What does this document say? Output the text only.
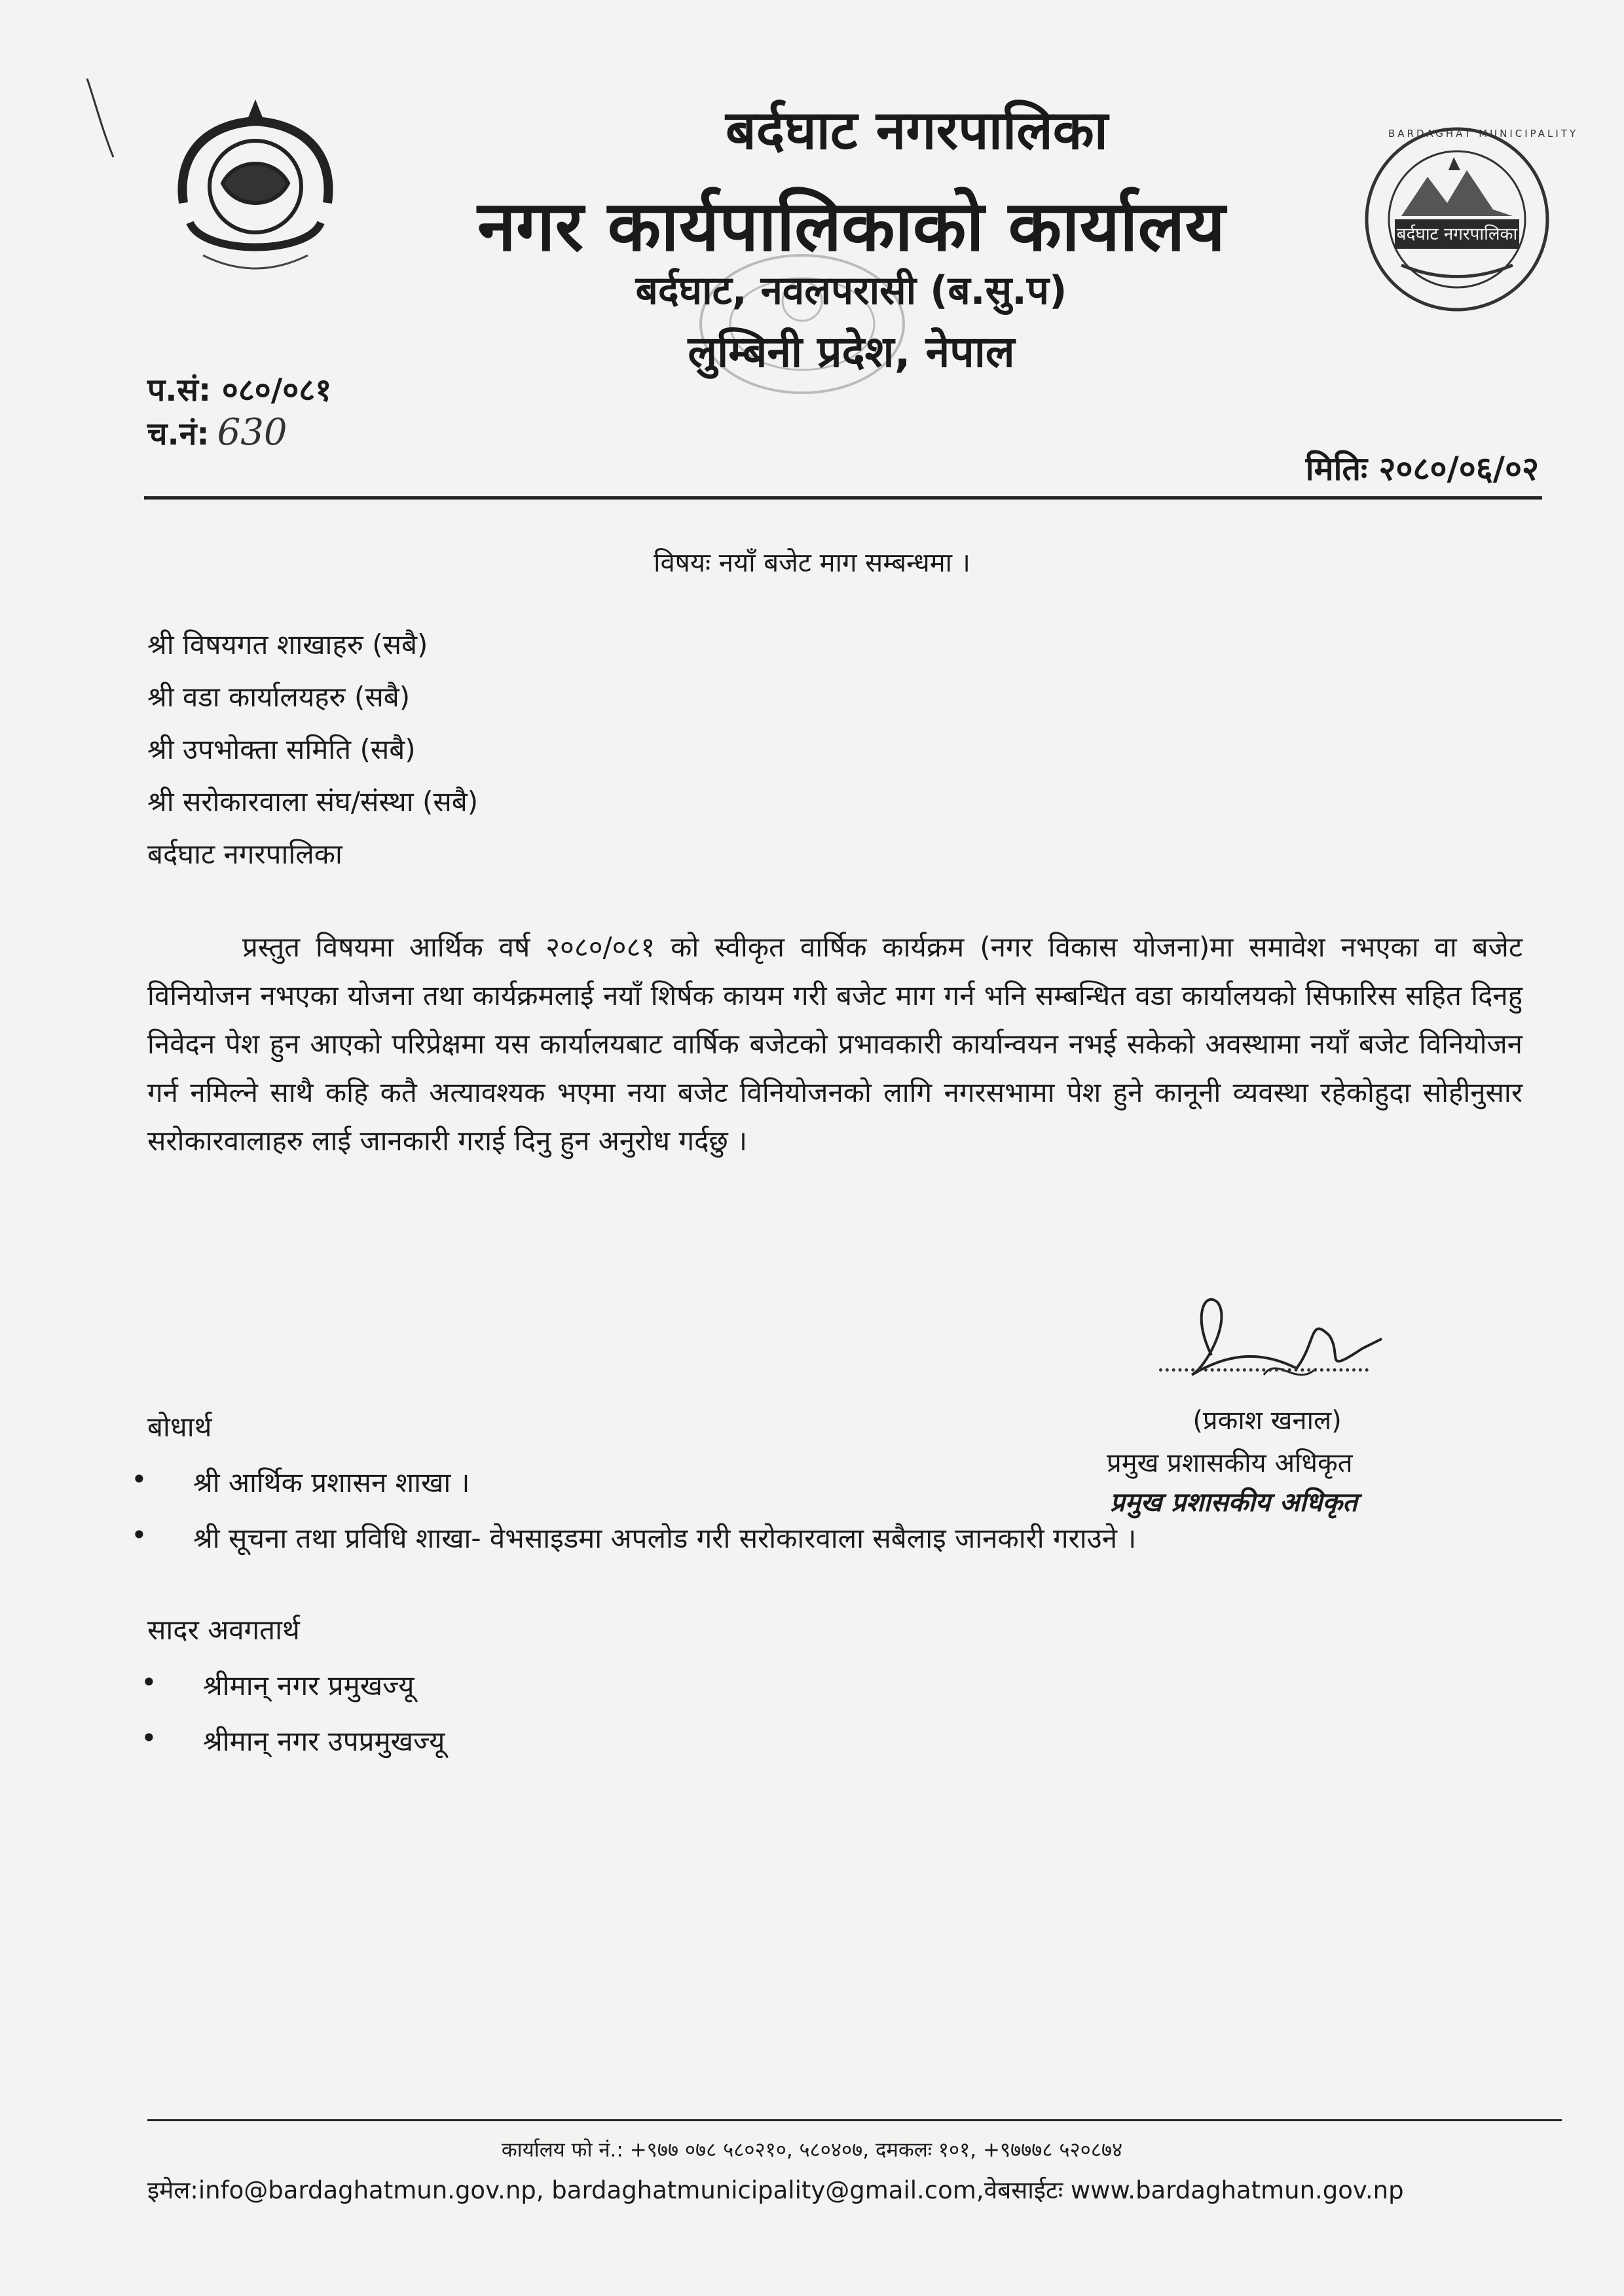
बर्दघाट नगरपालिका
BARDAGHAT MUNICIPALITY
बर्दघाट नगरपालिका
नगर कार्यपालिकाको कार्यालय
बर्दघाट, नवलपरासी (ब.सु.प)
लुम्बिनी प्रदेश, नेपाल
प.सं: ०८०/०८१
च.नं: 630
मितिः २०८०/०६/०२
विषयः नयाँ बजेट माग सम्बन्धमा ।
श्री विषयगत शाखाहरु (सबै)
श्री वडा कार्यालयहरु (सबै)
श्री उपभोक्ता समिति (सबै)
श्री सरोकारवाला संघ/संस्था (सबै)
बर्दघाट नगरपालिका

प्रस्तुत विषयमा आर्थिक वर्ष २०८०/०८१ को स्वीकृत वार्षिक कार्यक्रम (नगर विकास योजना)मा समावेश नभएका वा बजेट विनियोजन नभएका योजना तथा कार्यक्रमलाई नयाँ शिर्षक कायम गरी बजेट माग गर्न भनि सम्बन्धित वडा कार्यालयको सिफारिस सहित दिनहु निवेदन पेश हुन आएको परिप्रेक्षमा यस कार्यालयबाट वार्षिक बजेटको प्रभावकारी कार्यान्वयन नभई सकेको अवस्थामा नयाँ बजेट विनियोजन गर्न नमिल्ने साथै कहि कतै अत्यावश्यक भएमा नया बजेट विनियोजनको लागि नगरसभामा पेश हुने कानूनी व्यवस्था रहेकोहुदा सोहीनुसार सरोकारवालाहरु लाई जानकारी गराई दिनु हुन अनुरोध गर्दछु ।

(प्रकाश खनाल)
प्रमुख प्रशासकीय अधिकृत
प्रमुख प्रशासकीय अधिकृत
बोधार्थ
• श्री आर्थिक प्रशासन शाखा ।
• श्री सूचना तथा प्रविधि शाखा- वेभसाइडमा अपलोड गरी सरोकारवाला सबैलाइ जानकारी गराउने ।
सादर अवगतार्थ
• श्रीमान् नगर प्रमुखज्यू
• श्रीमान् नगर उपप्रमुखज्यू
कार्यालय फो नं.: +९७७ ०७८ ५८०२१०, ५८०४०७, दमकलः १०१, +९७७७८ ५२०८७४
इमेल:info@bardaghatmun.gov.np, bardaghatmunicipality@gmail.com,वेबसाईटः www.bardaghatmun.gov.np
